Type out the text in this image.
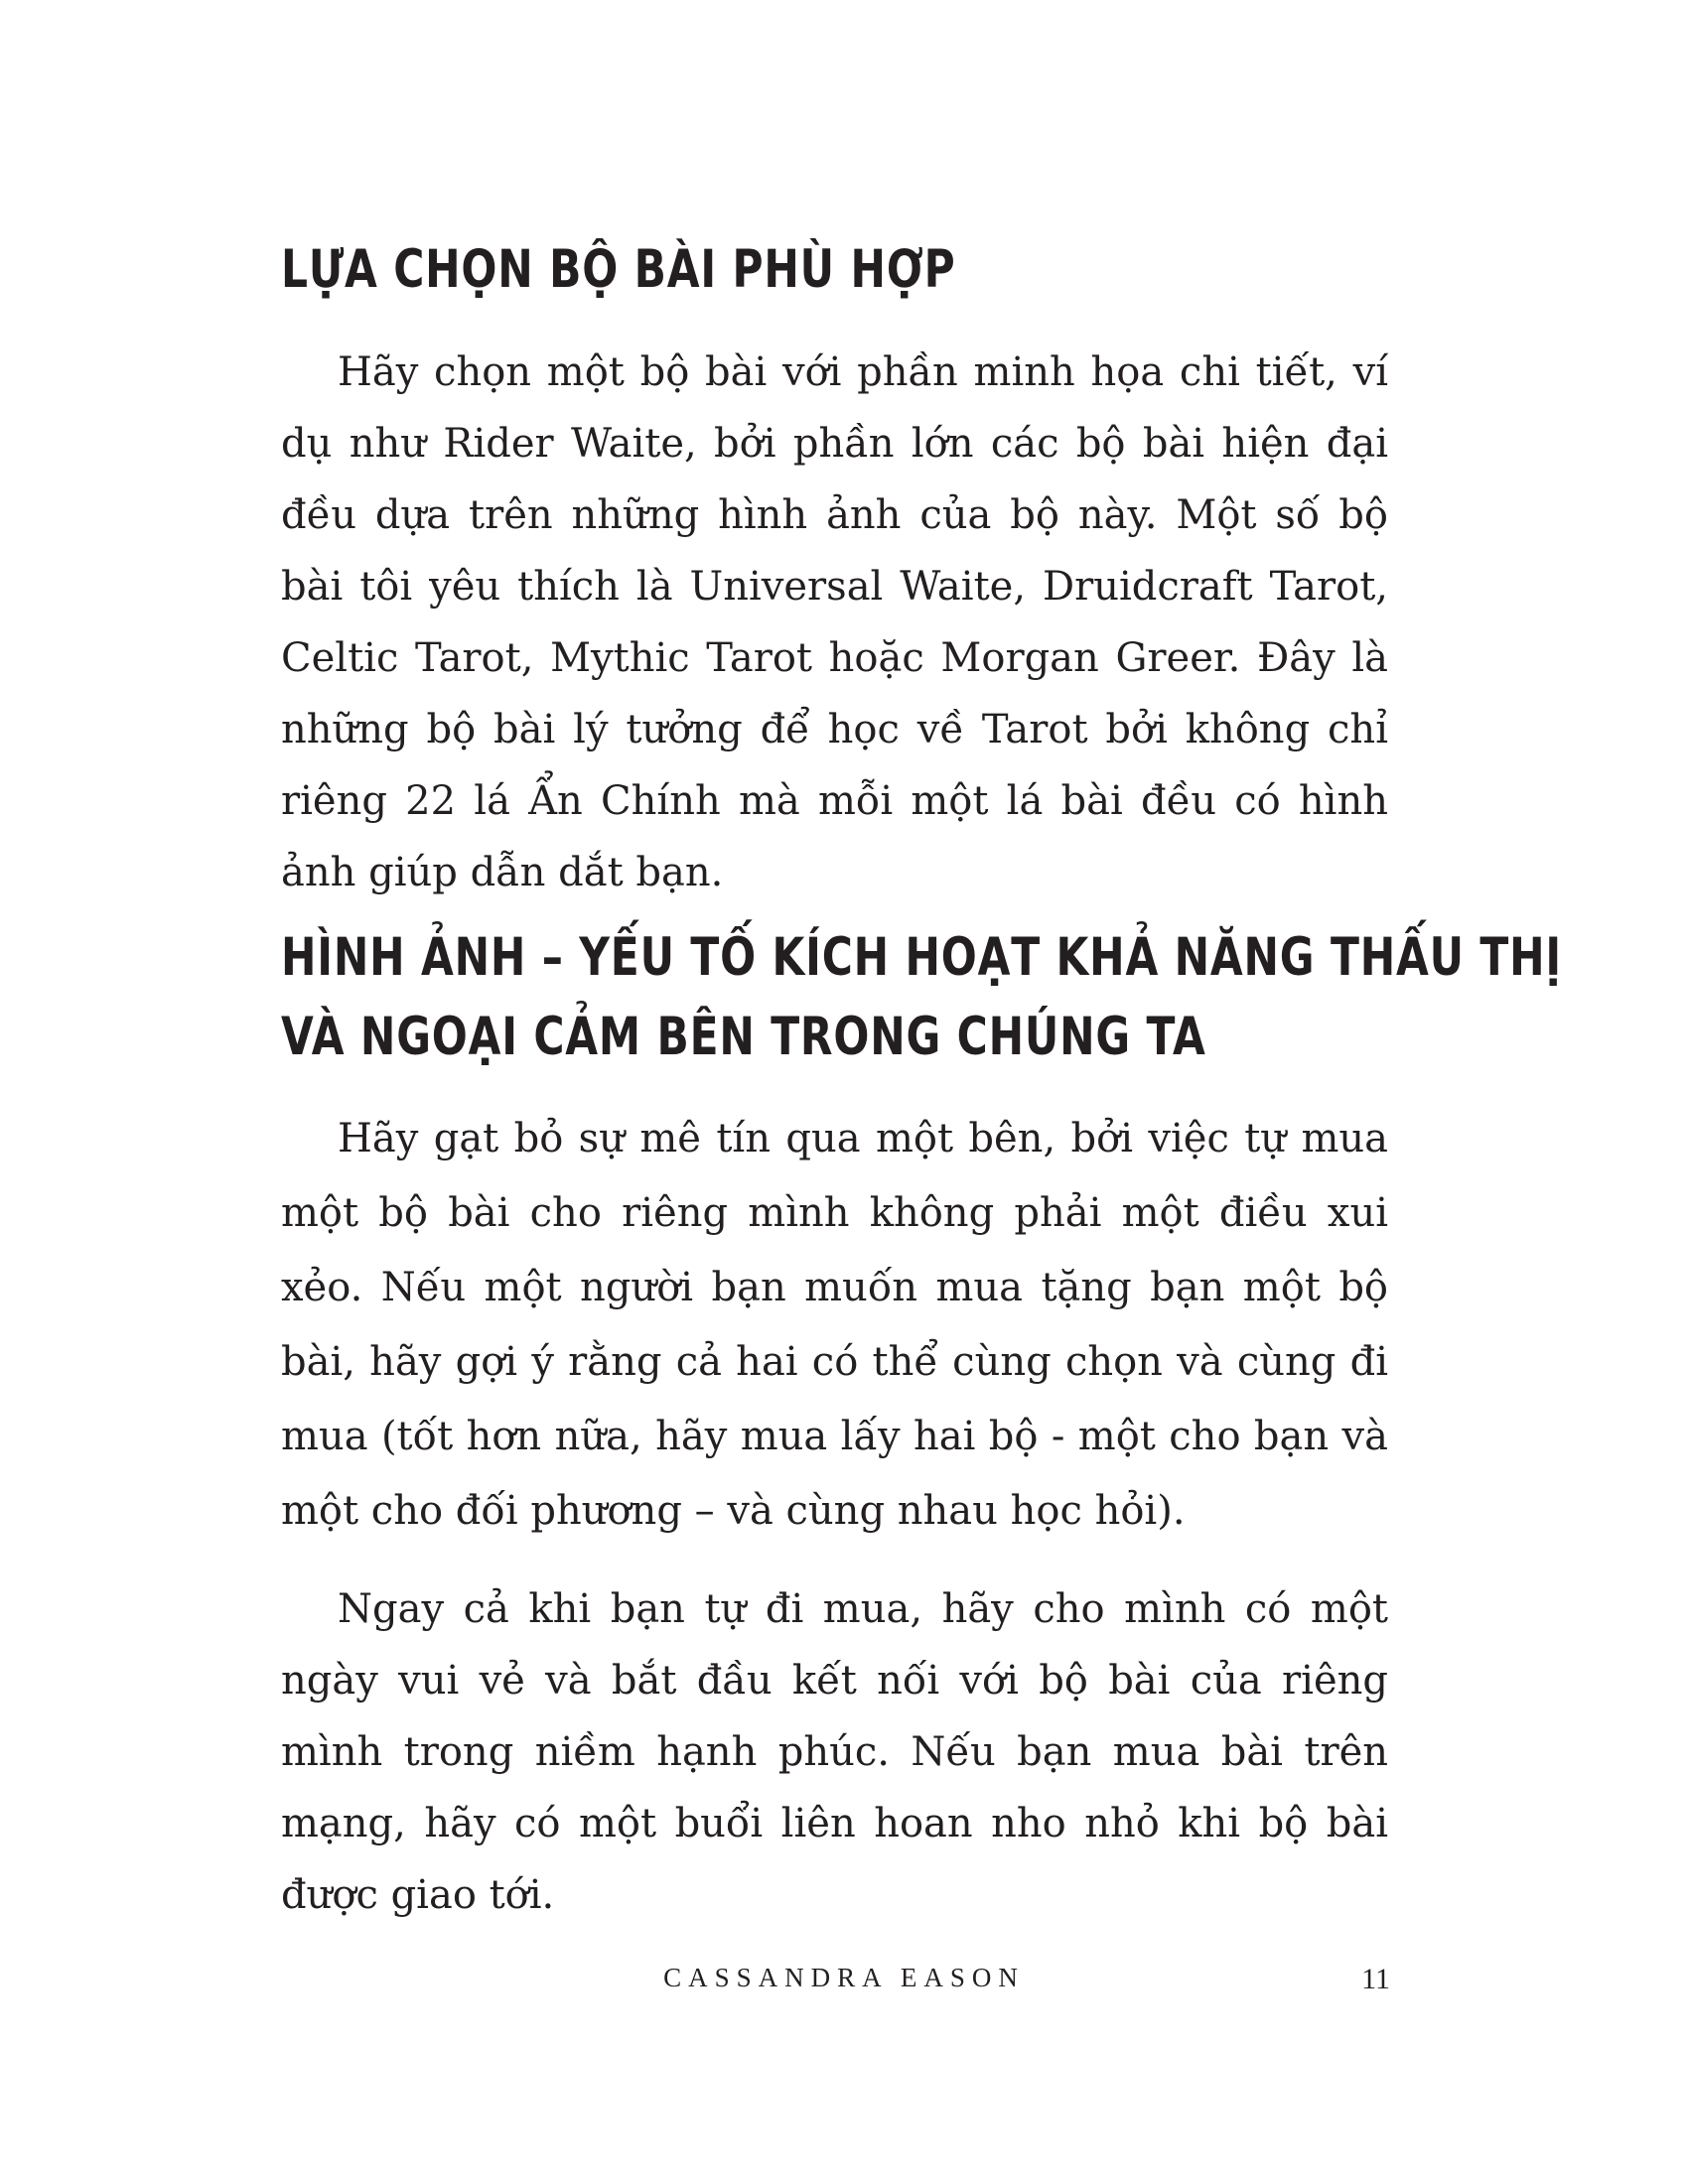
LỰA CHỌN BỘ BÀI PHÙ HỢP

Hãy chọn một bộ bài với phần minh họa chi tiết, ví dụ như Rider Waite, bởi phần lớn các bộ bài hiện đại đều dựa trên những hình ảnh của bộ này. Một số bộ bài tôi yêu thích là Universal Waite, Druidcraft Tarot, Celtic Tarot, Mythic Tarot hoặc Morgan Greer. Đây là những bộ bài lý tưởng để học về Tarot bởi không chỉ riêng 22 lá Ẩn Chính mà mỗi một lá bài đều có hình ảnh giúp dẫn dắt bạn.

HÌNH ẢNH – YẾU TỐ KÍCH HOẠT KHẢ NĂNG THẤU THỊ
VÀ NGOẠI CẢM BÊN TRONG CHÚNG TA

Hãy gạt bỏ sự mê tín qua một bên, bởi việc tự mua một bộ bài cho riêng mình không phải một điều xui xẻo. Nếu một người bạn muốn mua tặng bạn một bộ bài, hãy gợi ý rằng cả hai có thể cùng chọn và cùng đi mua (tốt hơn nữa, hãy mua lấy hai bộ - một cho bạn và một cho đối phương – và cùng nhau học hỏi).

Ngay cả khi bạn tự đi mua, hãy cho mình có một ngày vui vẻ và bắt đầu kết nối với bộ bài của riêng mình trong niềm hạnh phúc. Nếu bạn mua bài trên mạng, hãy có một buổi liên hoan nho nhỏ khi bộ bài được giao tới.

CASSANDRA EASON	11
